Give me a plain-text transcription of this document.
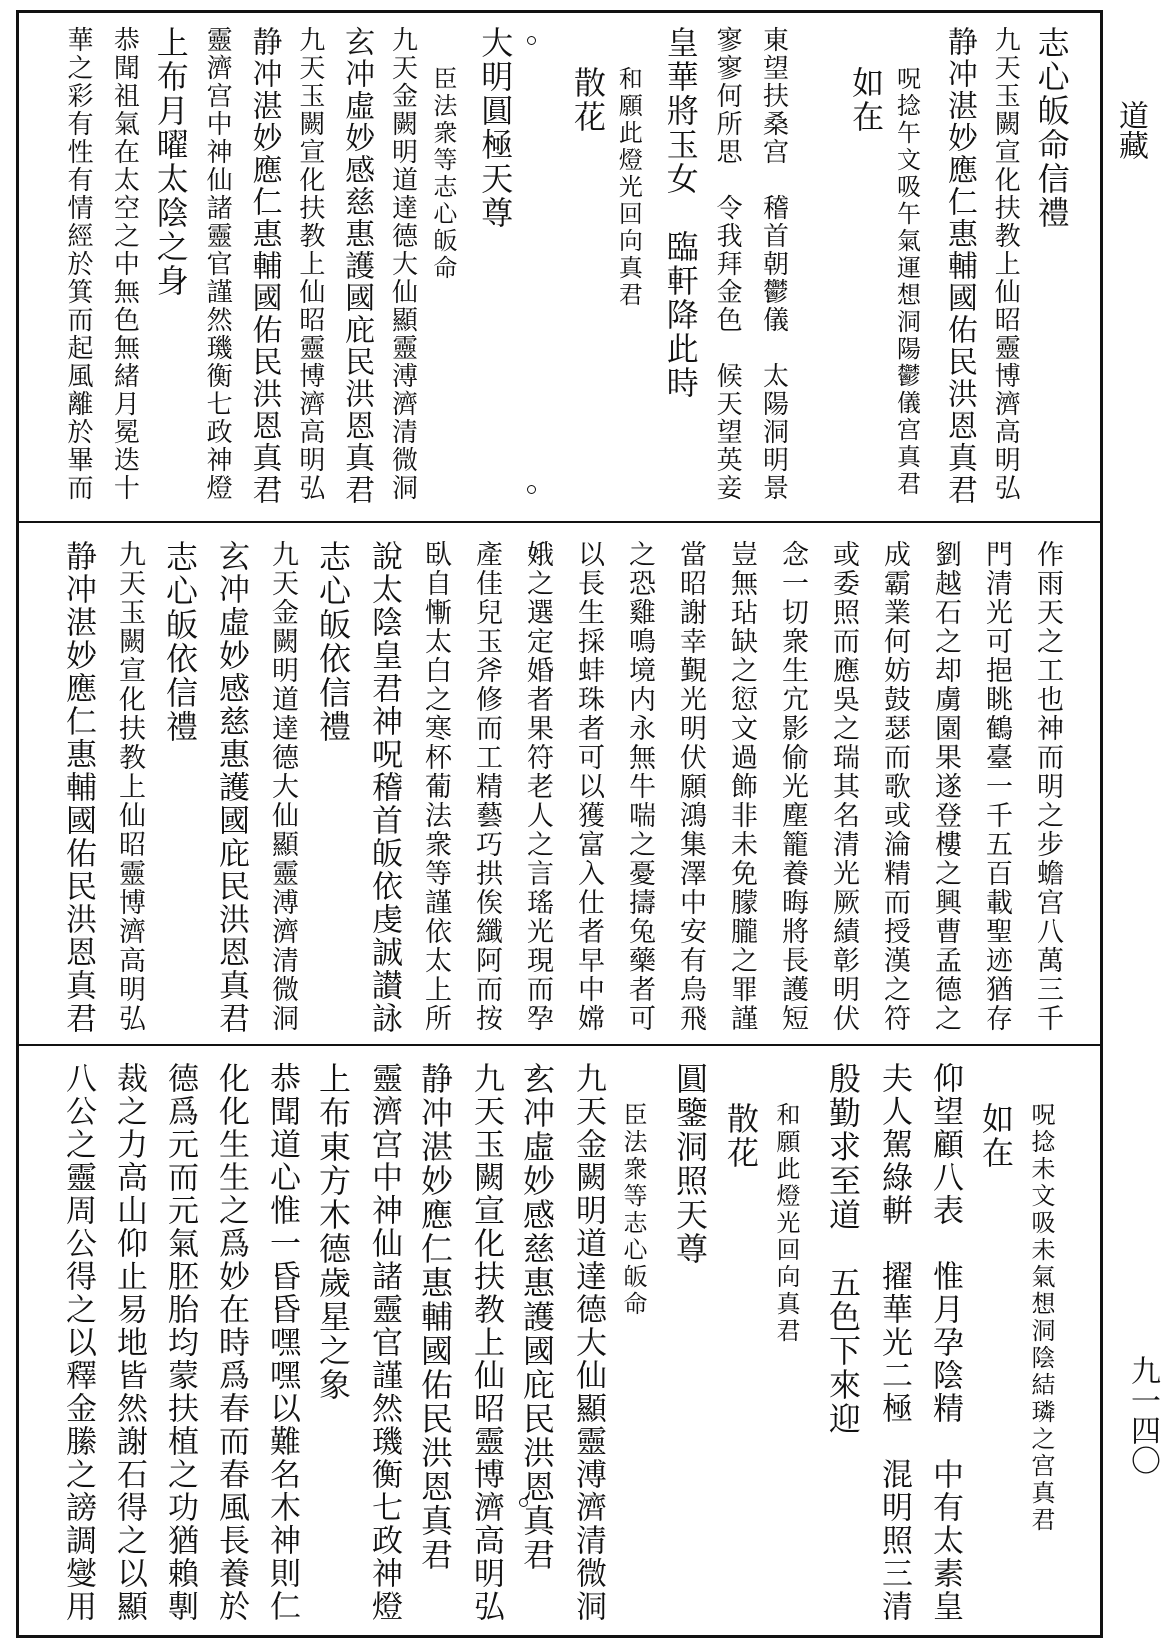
志心皈命信禮
九天玉闕宣化扶教上仙昭靈博濟高明弘
静冲湛妙應仁惠輔國佑民洪恩真君
呪捻午文吸午氣運想洞陽鬱儀宫真君
如在
東望扶桑宫　稽首朝鬱儀　太陽洞明景
寥寥何所思　令我拜金色　候天望英妾
皇華將玉女　臨軒降此時
和願此燈光回向真君
散花
大明圓極天尊
臣法衆等志心皈命
九天金闕明道達德大仙顯靈溥濟清微洞
玄冲虛妙感慈惠護國庇民洪恩真君
九天玉闕宣化扶教上仙昭靈博濟高明弘
静冲湛妙應仁惠輔國佑民洪恩真君
靈濟宫中神仙諸靈官謹然璣衡七政神燈
上布月曜太陰之身
恭聞祖氣在太空之中無色無緒月冕迭十
華之彩有性有情經於箕而起風離於畢而
作雨天之工也神而明之步蟾宫八萬三千
門清光可挹眺鶴臺一千五百載聖迹猶存
劉越石之却虜園果遂登樓之興曹孟德之
成霸業何妨鼓瑟而歌或淪精而授漢之符
或委照而應吳之瑞其名清光厥績彰明伏
念一切衆生宂影偷光塵籠養晦將長護短
豈無玷缺之愆文過飾非未免朦朧之罪謹
當昭謝幸覲光明伏願鴻集澤中安有烏飛
之恐雞鳴境内永無牛喘之憂擣兔藥者可
以長生採蚌珠者可以獲富入仕者早中嫦
娥之選定婚者果符老人之言瑤光現而孕
產佳兒玉斧修而工精藝巧拱俟纖阿而按
臥自慚太白之寒杯葡法衆等謹依太上所
說太陰皇君神呪稽首皈依虔誠讃詠
志心皈依信禮
九天金闕明道達德大仙顯靈溥濟清微洞
玄冲虛妙感慈惠護國庇民洪恩真君
志心皈依信禮
九天玉闕宣化扶教上仙昭靈博濟高明弘
静冲湛妙應仁惠輔國佑民洪恩真君
呪捻未文吸未氣想洞陰結璘之宫真君
如在
仰望顧八表　惟月孕陰精　中有太素皇
夫人駕綠輧　擢華光二極　混明照三清
殷勤求至道　五色下來迎
和願此燈光回向真君
散花
圓鑒洞照天尊
臣法衆等志心皈命
九天金闕明道達德大仙顯靈溥濟清微洞
玄冲虛妙感慈惠護國庇民洪恩真君
九天玉闕宣化扶教上仙昭靈博濟高明弘
静冲湛妙應仁惠輔國佑民洪恩真君
靈濟宫中神仙諸靈官謹然璣衡七政神燈
上布東方木德歲星之象
恭聞道心惟一昏昏嘿嘿以難名木神則仁
化化生生之爲妙在時爲春而春風長養於
德爲元而元氣胚胎均蒙扶植之功猶賴剸
裁之力高山仰止易地皆然謝石得之以顯
八公之靈周公得之以釋金縢之謗調燮用
道藏
九一四〇
